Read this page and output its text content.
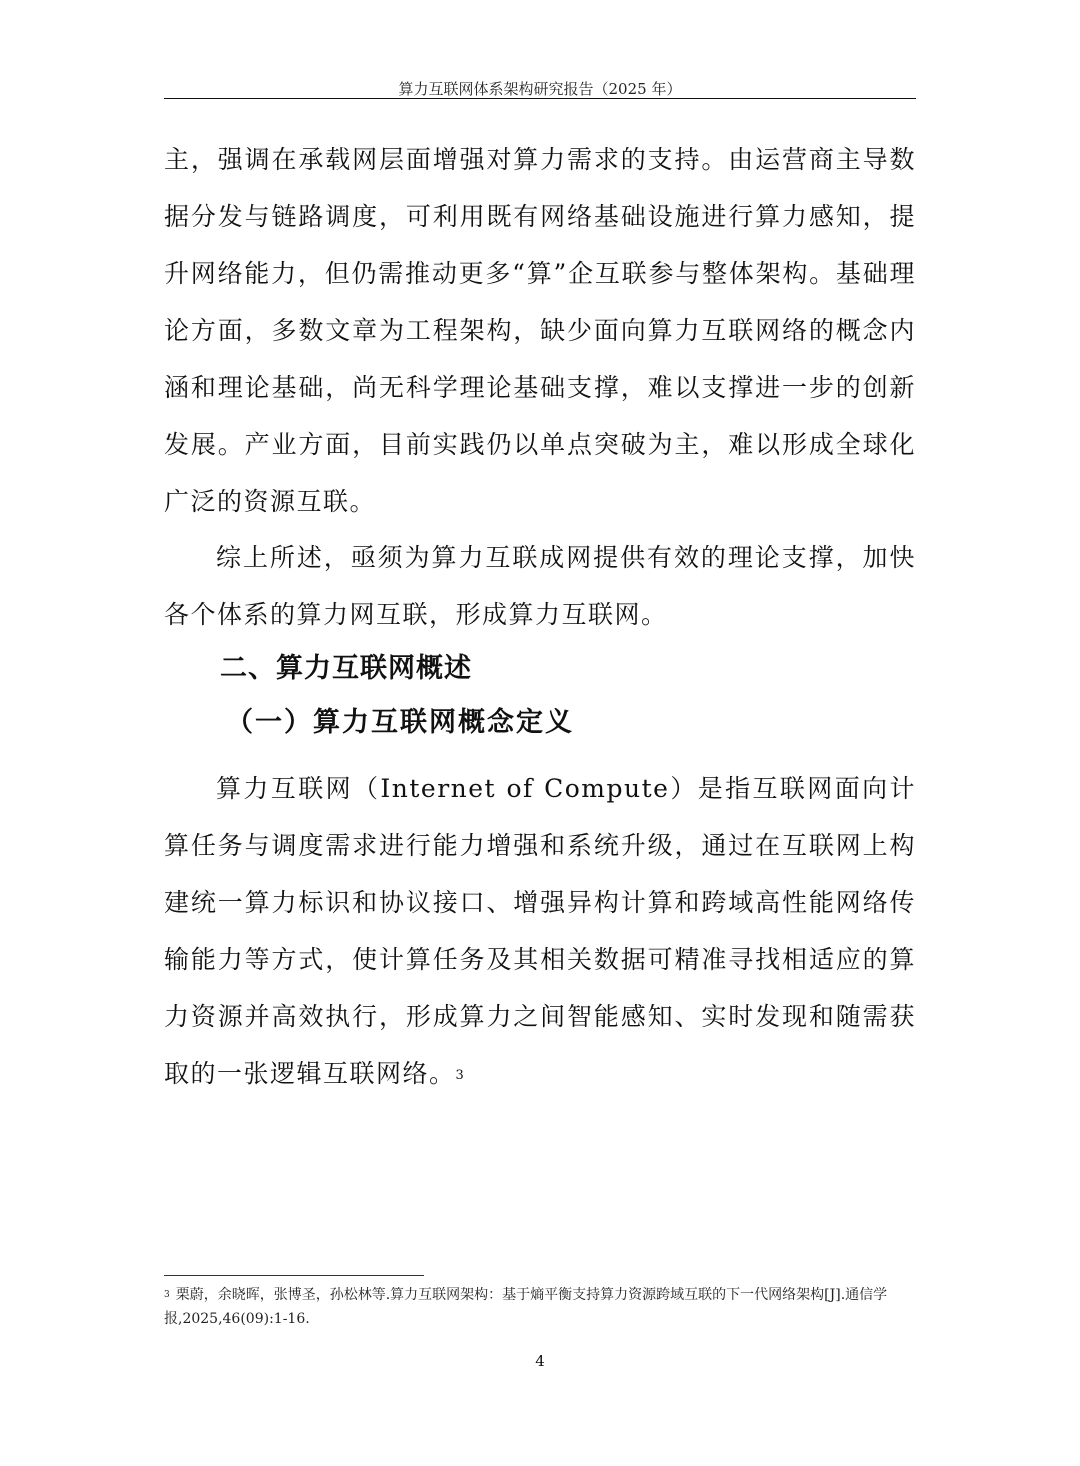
算力互联网体系架构研究报告（2025 年）

主，强调在承载网层面增强对算力需求的支持。由运营商主导数据分发与链路调度，可利用既有网络基础设施进行算力感知，提升网络能力，但仍需推动更多“算”企互联参与整体架构。基础理论方面，多数文章为工程架构，缺少面向算力互联网络的概念内涵和理论基础，尚无科学理论基础支撑，难以支撑进一步的创新发展。产业方面，目前实践仍以单点突破为主，难以形成全球化广泛的资源互联。

综上所述，亟须为算力互联成网提供有效的理论支撑，加快各个体系的算力网互联，形成算力互联网。

二、算力互联网概述
（一）算力互联网概念定义

算力互联网（Internet of Compute）是指互联网面向计算任务与调度需求进行能力增强和系统升级，通过在互联网上构建统一算力标识和协议接口、增强异构计算和跨域高性能网络传输能力等方式，使计算任务及其相关数据可精准寻找相适应的算力资源并高效执行，形成算力之间智能感知、实时发现和随需获取的一张逻辑互联网络。$^3$

$^3$ 栗蔚，余晓晖，张博圣，孙松林等.算力互联网架构：基于熵平衡支持算力资源跨域互联的下一代网络架构[J].通信学报,2025,46(09):1-16.

4
